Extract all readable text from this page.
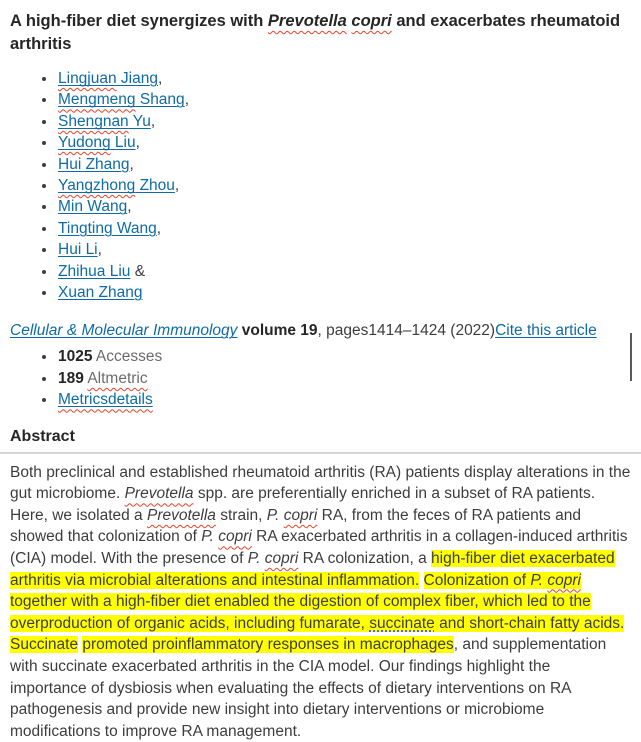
A high-fiber diet synergizes with Prevotella copri and exacerbates rheumatoid arthritis
• Lingjuan Jiang,
• Mengmeng Shang,
• Shengnan Yu,
• Yudong Liu,
• Hui Zhang,
• Yangzhong Zhou,
• Min Wang,
• Tingting Wang,
• Hui Li,
• Zhihua Liu &
• Xuan Zhang

Cellular & Molecular Immunology volume 19, pages1414–1424 (2022)Cite this article

• 1025 Accesses
• 189 Altmetric
• Metricsdetails
Abstract

Both preclinical and established rheumatoid arthritis (RA) patients display alterations in the gut microbiome. Prevotella spp. are preferentially enriched in a subset of RA patients. Here, we isolated a Prevotella strain, P. copri RA, from the feces of RA patients and showed that colonization of P. copri RA exacerbated arthritis in a collagen-induced arthritis (CIA) model. With the presence of P. copri RA colonization, a high-fiber diet exacerbated arthritis via microbial alterations and intestinal inflammation. Colonization of P. copri together with a high-fiber diet enabled the digestion of complex fiber, which led to the overproduction of organic acids, including fumarate, succinate and short-chain fatty acids. Succinate promoted proinflammatory responses in macrophages, and supplementation with succinate exacerbated arthritis in the CIA model. Our findings highlight the importance of dysbiosis when evaluating the effects of dietary interventions on RA pathogenesis and provide new insight into dietary interventions or microbiome modifications to improve RA management.
